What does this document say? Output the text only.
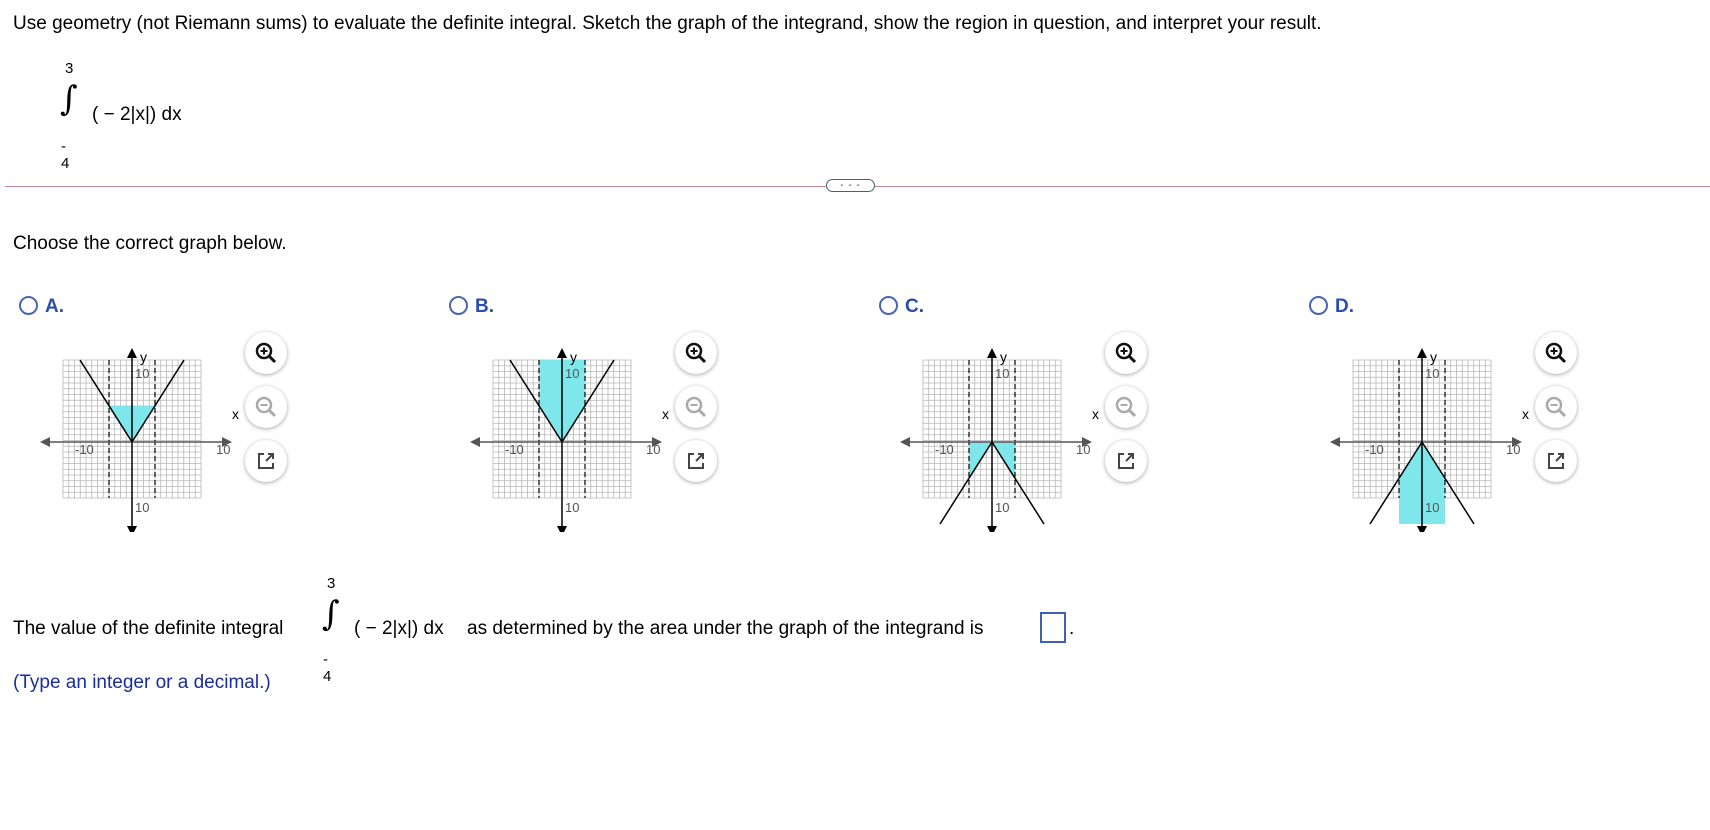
Use geometry (not Riemann sums) to evaluate the definite integral. Sketch the graph of the integrand, show the region in question, and interpret your result.
3
∫ ( − 2|x|) dx
- 4
- - -
Choose the correct graph below.
A.
-10	10
10
10
y
x
B.
-10	10
10
10
y
x
C.
-10	10
10
10
y
x
D.
-10	10
10
10
y
x
The value of the definite integral
3
∫ ( − 2|x|) dx
- 4
as determined by the area under the graph of the integrand is	.
(Type an integer or a decimal.)
